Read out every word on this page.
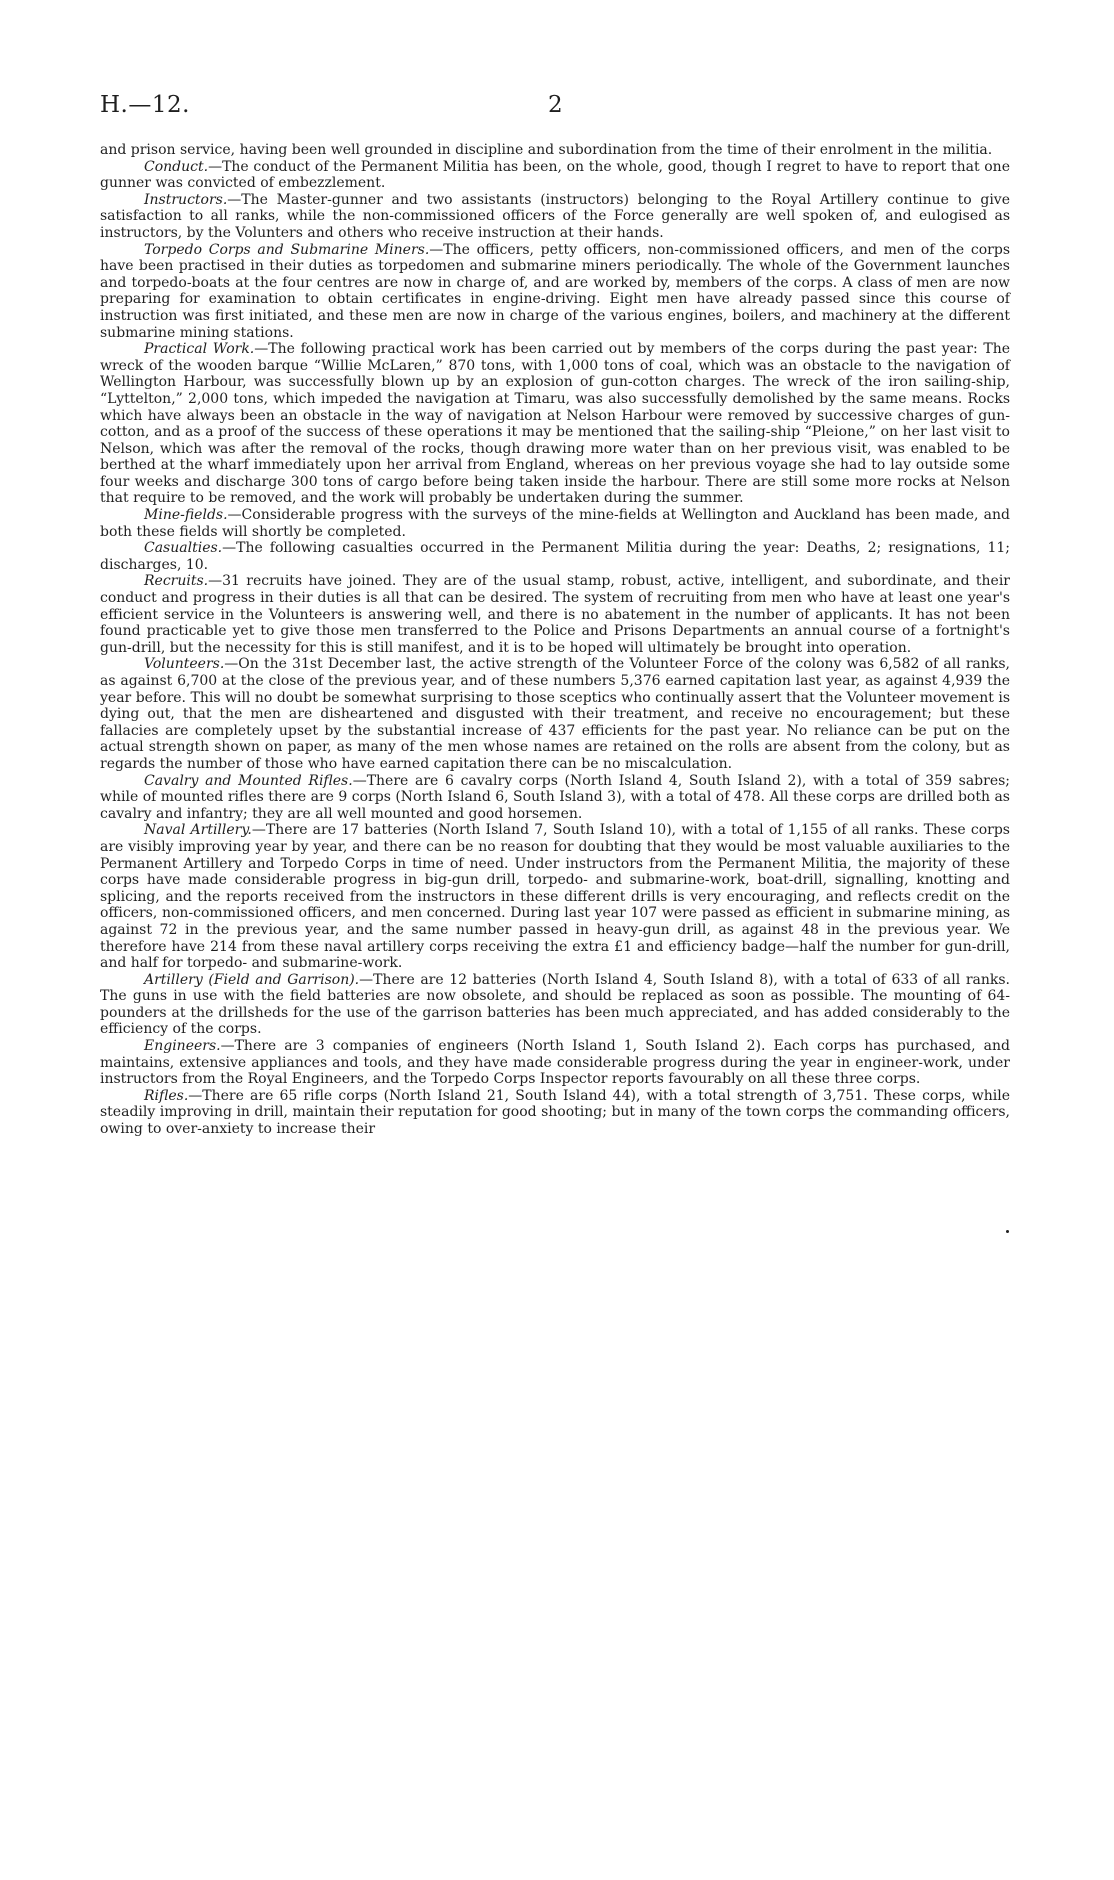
H.—12.	2

and prison service, having been well grounded in discipline and subordination from the time of their enrolment in the militia.

Conduct.—The conduct of the Permanent Militia has been, on the whole, good, though I regret to have to report that one gunner was convicted of embezzlement.

Instructors.—The Master-gunner and two assistants (instructors) belonging to the Royal Artillery continue to give satisfaction to all ranks, while the non-commissioned officers of the Force generally are well spoken of, and eulogised as instructors, by the Volunters and others who receive instruction at their hands.

Torpedo Corps and Submarine Miners.—The officers, petty officers, non-commissioned officers, and men of the corps have been practised in their duties as torpedomen and submarine miners periodically. The whole of the Government launches and torpedo-boats at the four centres are now in charge of, and are worked by, members of the corps. A class of men are now preparing for examination to obtain certificates in engine-driving. Eight men have already passed since this course of instruction was first initiated, and these men are now in charge of the various engines, boilers, and machinery at the different submarine mining stations.

Practical Work.—The following practical work has been carried out by members of the corps during the past year: The wreck of the wooden barque “Willie McLaren,” 870 tons, with 1,000 tons of coal, which was an obstacle to the navigation of Wellington Harbour, was successfully blown up by an explosion of gun-cotton charges. The wreck of the iron sailing-ship, “Lyttelton,” 2,000 tons, which impeded the navigation at Timaru, was also successfully demolished by the same means. Rocks which have always been an obstacle in the way of navigation at Nelson Harbour were removed by successive charges of gun-cotton, and as a proof of the success of these operations it may be mentioned that the sailing-ship “Pleione,” on her last visit to Nelson, which was after the removal of the rocks, though drawing more water than on her previous visit, was enabled to be berthed at the wharf immediately upon her arrival from England, whereas on her previous voyage she had to lay outside some four weeks and discharge 300 tons of cargo before being taken inside the harbour. There are still some more rocks at Nelson that require to be removed, and the work will probably be undertaken during the summer.

Mine-fields.—Considerable progress with the surveys of the mine-fields at Wellington and Auckland has been made, and both these fields will shortly be completed.

Casualties.—The following casualties occurred in the Permanent Militia during the year: Deaths, 2; resignations, 11; discharges, 10.

Recruits.—31 recruits have joined. They are of the usual stamp, robust, active, intelligent, and subordinate, and their conduct and progress in their duties is all that can be desired. The system of recruiting from men who have at least one year's efficient service in the Volunteers is answering well, and there is no abatement in the number of applicants. It has not been found practicable yet to give those men transferred to the Police and Prisons Departments an annual course of a fortnight's gun-drill, but the necessity for this is still manifest, and it is to be hoped will ultimately be brought into operation.

Volunteers.—On the 31st December last, the active strength of the Volunteer Force of the colony was 6,582 of all ranks, as against 6,700 at the close of the previous year, and of these numbers 5,376 earned capitation last year, as against 4,939 the year before. This will no doubt be somewhat surprising to those sceptics who continually assert that the Volunteer movement is dying out, that the men are disheartened and disgusted with their treatment, and receive no encouragement; but these fallacies are completely upset by the substantial increase of 437 efficients for the past year. No reliance can be put on the actual strength shown on paper, as many of the men whose names are retained on the rolls are absent from the colony, but as regards the number of those who have earned capitation there can be no miscalculation.

Cavalry and Mounted Rifles.—There are 6 cavalry corps (North Island 4, South Island 2), with a total of 359 sabres; while of mounted rifles there are 9 corps (North Island 6, South Island 3), with a total of 478. All these corps are drilled both as cavalry and infantry; they are all well mounted and good horsemen.

Naval Artillery.—There are 17 batteries (North Island 7, South Island 10), with a total of 1,155 of all ranks. These corps are visibly improving year by year, and there can be no reason for doubting that they would be most valuable auxiliaries to the Permanent Artillery and Torpedo Corps in time of need. Under instructors from the Permanent Militia, the majority of these corps have made considerable progress in big-gun drill, torpedo- and submarine-work, boat-drill, signalling, knotting and splicing, and the reports received from the instructors in these different drills is very encouraging, and reflects credit on the officers, non-commissioned officers, and men concerned. During last year 107 were passed as efficient in submarine mining, as against 72 in the previous year, and the same number passed in heavy-gun drill, as against 48 in the previous year. We therefore have 214 from these naval artillery corps receiving the extra £1 and efficiency badge—half the number for gun-drill, and half for torpedo- and submarine-work.

Artillery (Field and Garrison).—There are 12 batteries (North Island 4, South Island 8), with a total of 633 of all ranks. The guns in use with the field batteries are now obsolete, and should be replaced as soon as possible. The mounting of 64-pounders at the drillsheds for the use of the garrison batteries has been much appreciated, and has added considerably to the efficiency of the corps.

Engineers.—There are 3 companies of engineers (North Island 1, South Island 2). Each corps has purchased, and maintains, extensive appliances and tools, and they have made considerable progress during the year in engineer-work, under instructors from the Royal Engineers, and the Torpedo Corps Inspector reports favourably on all these three corps.

Rifles.—There are 65 rifle corps (North Island 21, South Island 44), with a total strength of 3,751. These corps, while steadily improving in drill, maintain their reputation for good shooting; but in many of the town corps the commanding officers, owing to over-anxiety to increase their
